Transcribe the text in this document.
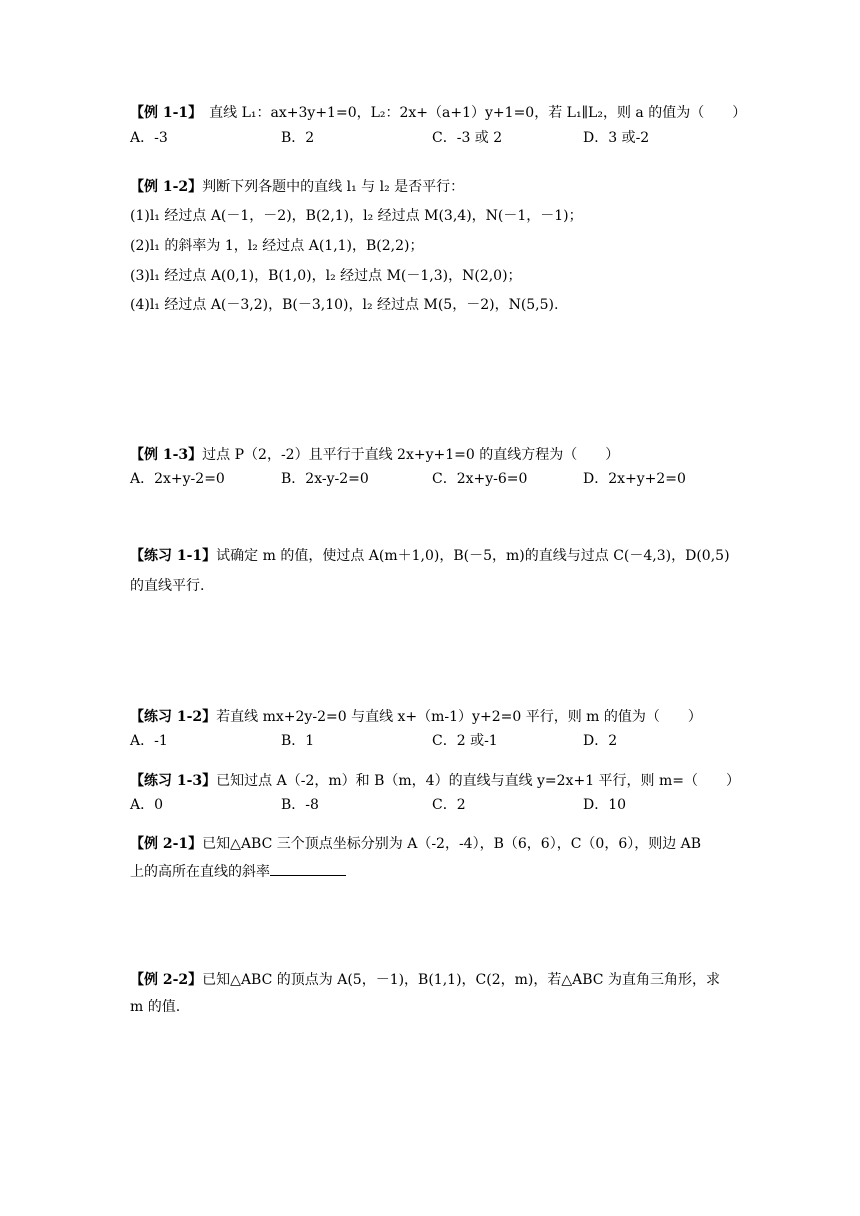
【例 1-1】　直线 L₁：ax+3y+1=0，L₂：2x+（a+1）y+1=0，若 L₁∥L₂，则 a 的值为（　　）
A．-3	B．2	C．-3 或 2	D．3 或-2
【例 1-2】判断下列各题中的直线 l₁ 与 l₂ 是否平行：
(1)l₁ 经过点 A(－1，－2)，B(2,1)，l₂ 经过点 M(3,4)，N(－1，－1)；
(2)l₁ 的斜率为 1，l₂ 经过点 A(1,1)，B(2,2)；
(3)l₁ 经过点 A(0,1)，B(1,0)，l₂ 经过点 M(－1,3)，N(2,0)；
(4)l₁ 经过点 A(－3,2)，B(－3,10)，l₂ 经过点 M(5，－2)，N(5,5).
【例 1-3】过点 P（2，-2）且平行于直线 2x+y+1=0 的直线方程为（　　）
A．2x+y-2=0	B．2x-y-2=0	C．2x+y-6=0	D．2x+y+2=0
【练习 1-1】试确定 m 的值，使过点 A(m＋1,0)，B(－5，m)的直线与过点 C(－4,3)，D(0,5)
的直线平行.
【练习 1-2】若直线 mx+2y-2=0 与直线 x+（m-1）y+2=0 平行，则 m 的值为（　　）
A．-1	B．1	C．2 或-1	D．2
【练习 1-3】已知过点 A（-2，m）和 B（m，4）的直线与直线 y=2x+1 平行，则 m=（　　）
A．0	B．-8	C．2	D．10
【例 2-1】已知△ABC 三个顶点坐标分别为 A（-2，-4），B（6，6），C（0，6），则边 AB
上的高所在直线的斜率
【例 2-2】已知△ABC 的顶点为 A(5，－1)，B(1,1)，C(2，m)，若△ABC 为直角三角形，求
m 的值.
